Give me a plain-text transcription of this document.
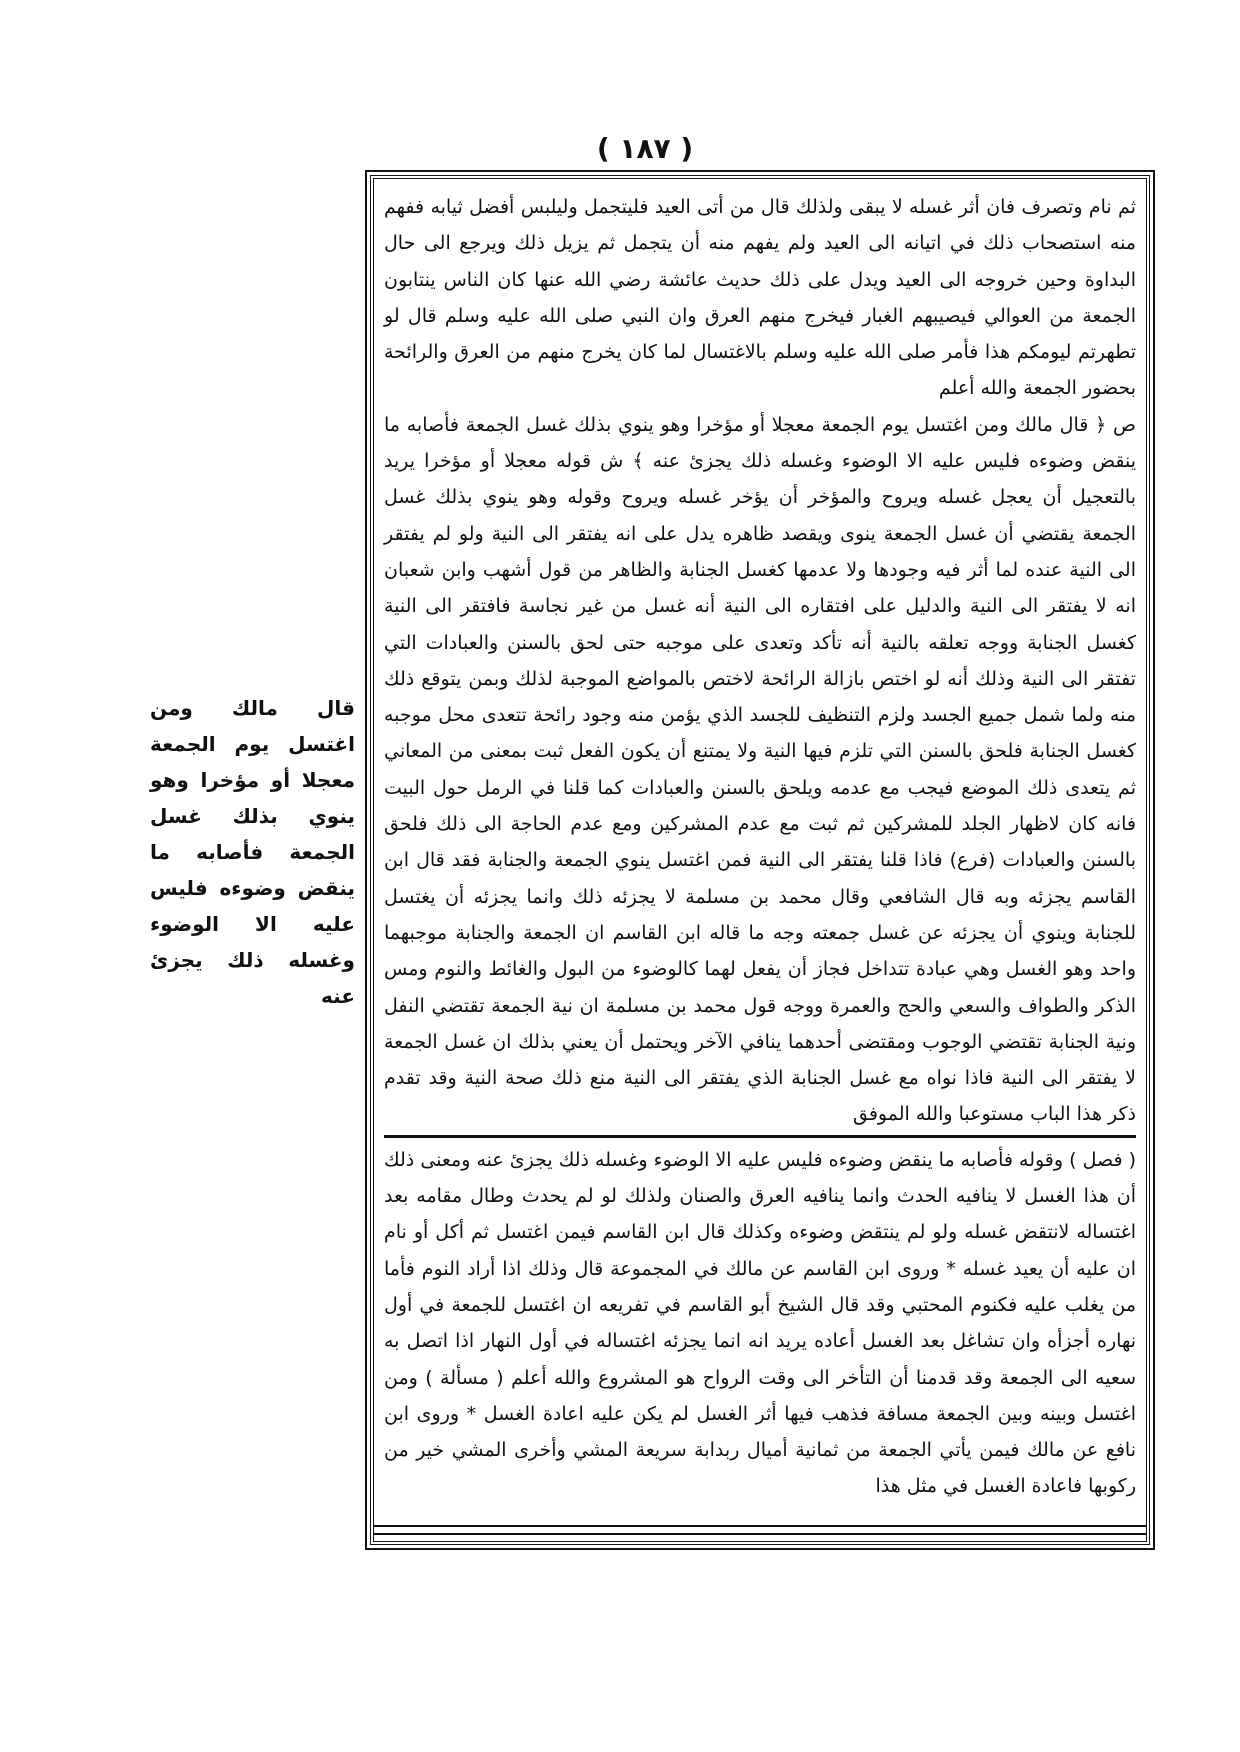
( ١٨٧ )

ثم نام وتصرف فان أثر غسله لا يبقى ولذلك قال من أتى العيد فليتجمل وليلبس أفضل ثيابه ففهم منه استصحاب ذلك في اتيانه الى العيد ولم يفهم منه أن يتجمل ثم يزيل ذلك ويرجع الى حال البداوة وحين خروجه الى العيد ويدل على ذلك حديث عائشة رضي الله عنها كان الناس ينتابون الجمعة من العوالي فيصيبهم الغبار فيخرج منهم العرق وان النبي صلى الله عليه وسلم قال لو تطهرتم ليومكم هذا فأمر صلى الله عليه وسلم بالاغتسال لما كان يخرج منهم من العرق والرائحة بحضور الجمعة والله أعلم

ص ﴿ قال مالك ومن اغتسل يوم الجمعة معجلا أو مؤخرا وهو ينوي بذلك غسل الجمعة فأصابه ما ينقض وضوءه فليس عليه الا الوضوء وغسله ذلك يجزئ عنه ﴾ ش قوله معجلا أو مؤخرا يريد بالتعجيل أن يعجل غسله ويروح والمؤخر أن يؤخر غسله ويروح وقوله وهو ينوي بذلك غسل الجمعة يقتضي أن غسل الجمعة ينوى ويقصد ظاهره يدل على انه يفتقر الى النية ولو لم يفتقر الى النية عنده لما أثر فيه وجودها ولا عدمها كغسل الجنابة والظاهر من قول أشهب وابن شعبان انه لا يفتقر الى النية والدليل على افتقاره الى النية أنه غسل من غير نجاسة فافتقر الى النية كغسل الجنابة ووجه تعلقه بالنية أنه تأكد وتعدى على موجبه حتى لحق بالسنن والعبادات التي تفتقر الى النية وذلك أنه لو اختص بازالة الرائحة لاختص بالمواضع الموجبة لذلك وبمن يتوقع ذلك منه ولما شمل جميع الجسد ولزم التنظيف للجسد الذي يؤمن منه وجود رائحة تتعدى محل موجبه كغسل الجنابة فلحق بالسنن التي تلزم فيها النية ولا يمتنع أن يكون الفعل ثبت بمعنى من المعاني ثم يتعدى ذلك الموضع فيجب مع عدمه ويلحق بالسنن والعبادات كما قلنا في الرمل حول البيت فانه كان لاظهار الجلد للمشركين ثم ثبت مع عدم المشركين ومع عدم الحاجة الى ذلك فلحق بالسنن والعبادات (فرع) فاذا قلنا يفتقر الى النية فمن اغتسل ينوي الجمعة والجنابة فقد قال ابن القاسم يجزئه وبه قال الشافعي وقال محمد بن مسلمة لا يجزئه ذلك وانما يجزئه أن يغتسل للجنابة وينوي أن يجزئه عن غسل جمعته وجه ما قاله ابن القاسم ان الجمعة والجنابة موجبهما واحد وهو الغسل وهي عبادة تتداخل فجاز أن يفعل لهما كالوضوء من البول والغائط والنوم ومس الذكر والطواف والسعي والحج والعمرة ووجه قول محمد بن مسلمة ان نية الجمعة تقتضي النفل ونية الجنابة تقتضي الوجوب ومقتضى أحدهما ينافي الآخر ويحتمل أن يعني بذلك ان غسل الجمعة لا يفتقر الى النية فاذا نواه مع غسل الجنابة الذي يفتقر الى النية منع ذلك صحة النية وقد تقدم ذكر هذا الباب مستوعبا والله الموفق

( فصل ) وقوله فأصابه ما ينقض وضوءه فليس عليه الا الوضوء وغسله ذلك يجزئ عنه ومعنى ذلك أن هذا الغسل لا ينافيه الحدث وانما ينافيه العرق والصنان ولذلك لو لم يحدث وطال مقامه بعد اغتساله لانتقض غسله ولو لم ينتقض وضوءه وكذلك قال ابن القاسم فيمن اغتسل ثم أكل أو نام ان عليه أن يعيد غسله * وروى ابن القاسم عن مالك في المجموعة قال وذلك اذا أراد النوم فأما من يغلب عليه فكنوم المحتبي وقد قال الشيخ أبو القاسم في تفريعه ان اغتسل للجمعة في أول نهاره أجزأه وان تشاغل بعد الغسل أعاده يريد انه انما يجزئه اغتساله في أول النهار اذا اتصل به سعيه الى الجمعة وقد قدمنا أن التأخر الى وقت الرواح هو المشروع والله أعلم ( مسألة ) ومن اغتسل وبينه وبين الجمعة مسافة فذهب فيها أثر الغسل لم يكن عليه اعادة الغسل * وروى ابن نافع عن مالك فيمن يأتي الجمعة من ثمانية أميال ربدابة سريعة المشي وأخرى المشي خير من ركوبها فاعادة الغسل في مثل هذا

قال مالك ومن اغتسل يوم الجمعة معجلا أو مؤخرا وهو ينوي بذلك غسل الجمعة فأصابه ما ينقض وضوءه فليس عليه الا الوضوء وغسله ذلك يجزئ عنه
